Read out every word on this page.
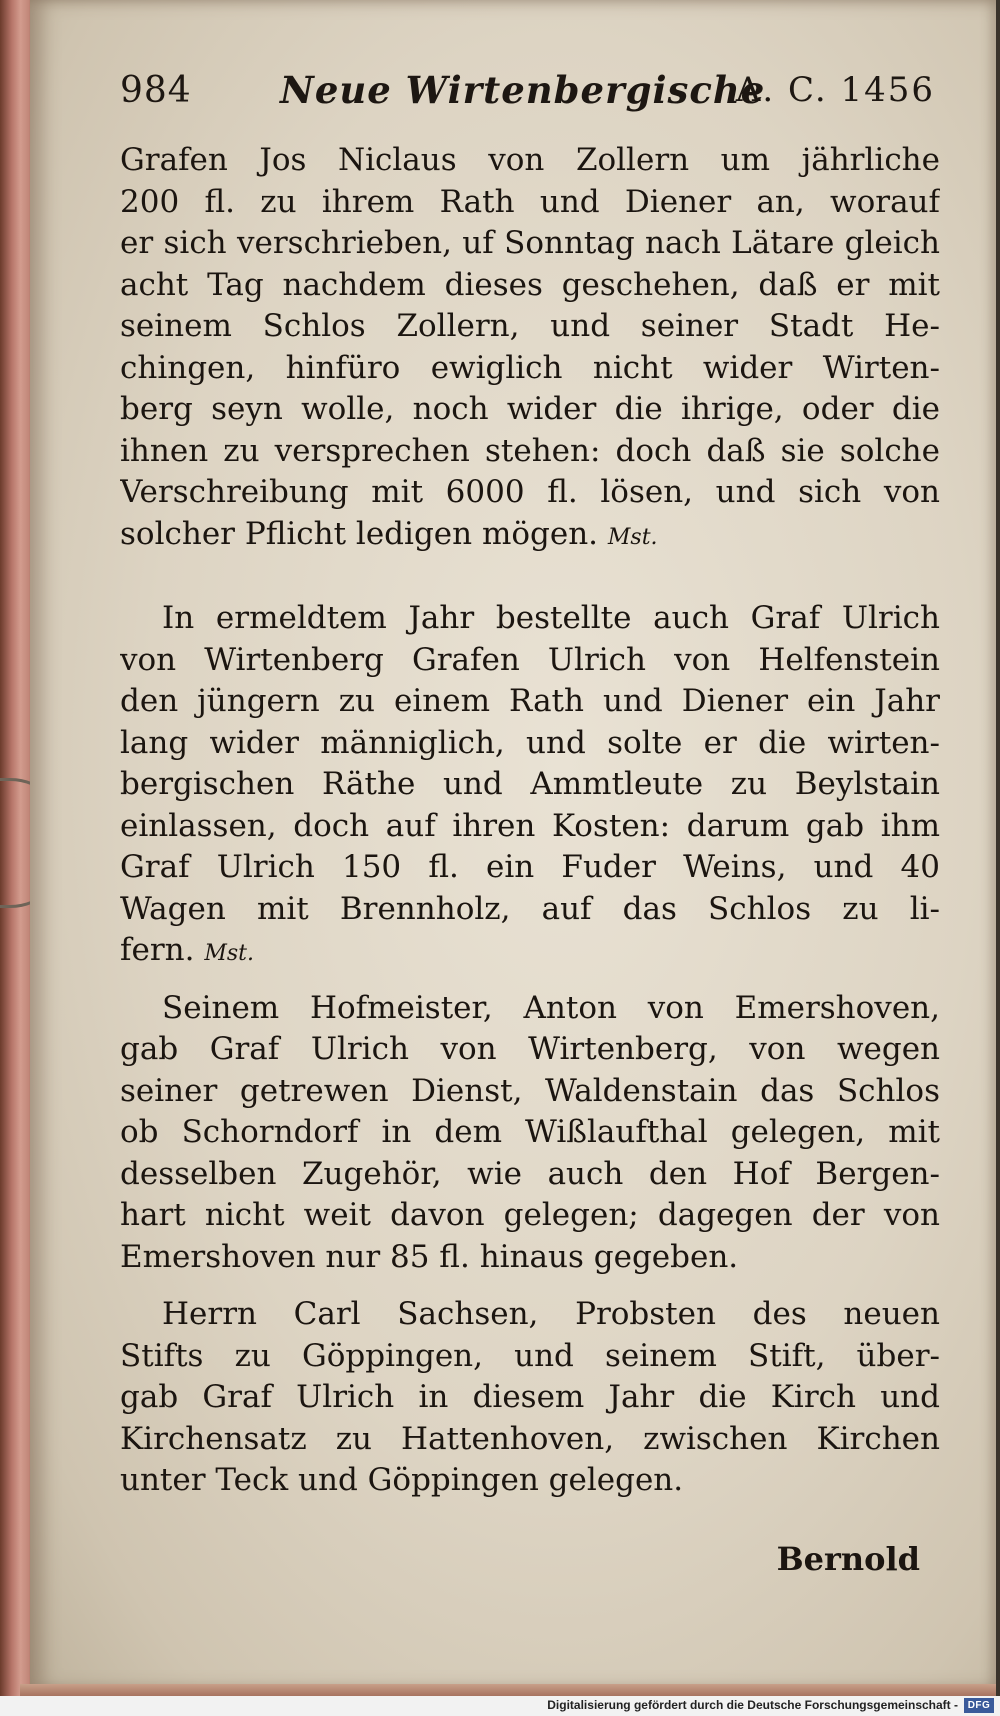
984 Neue Wirtenbergische
A. C. 1456
Grafen Jos Niclaus von Zollern um jährliche
200 fl. zu ihrem Rath und Diener an, worauf
er sich verschrieben, uf Sonntag nach Lätare gleich
acht Tag nachdem dieses geschehen, daß er mit
seinem Schlos Zollern, und seiner Stadt He-
chingen, hinfüro ewiglich nicht wider Wirten-
berg seyn wolle, noch wider die ihrige, oder die
ihnen zu versprechen stehen: doch daß sie solche
Verschreibung mit 6000 fl. lösen, und sich von
solcher Pflicht ledigen mögen. Mst.
In ermeldtem Jahr bestellte auch Graf Ulrich
von Wirtenberg Grafen Ulrich von Helfenstein
den jüngern zu einem Rath und Diener ein Jahr
lang wider männiglich, und solte er die wirten-
bergischen Räthe und Ammtleute zu Beylstain
einlassen, doch auf ihren Kosten: darum gab ihm
Graf Ulrich 150 fl. ein Fuder Weins, und 40
Wagen mit Brennholz, auf das Schlos zu li-
fern. Mst.
Seinem Hofmeister, Anton von Emershoven,
gab Graf Ulrich von Wirtenberg, von wegen
seiner getrewen Dienst, Waldenstain das Schlos
ob Schorndorf in dem Wißlaufthal gelegen, mit
desselben Zugehör, wie auch den Hof Bergen-
hart nicht weit davon gelegen; dagegen der von
Emershoven nur 85 fl. hinaus gegeben.
Herrn Carl Sachsen, Probsten des neuen
Stifts zu Göppingen, und seinem Stift, über-
gab Graf Ulrich in diesem Jahr die Kirch und
Kirchensatz zu Hattenhoven, zwischen Kirchen
unter Teck und Göppingen gelegen.
Bernold
Digitalisierung gefördert durch die Deutsche Forschungsgemeinschaft - DFG
